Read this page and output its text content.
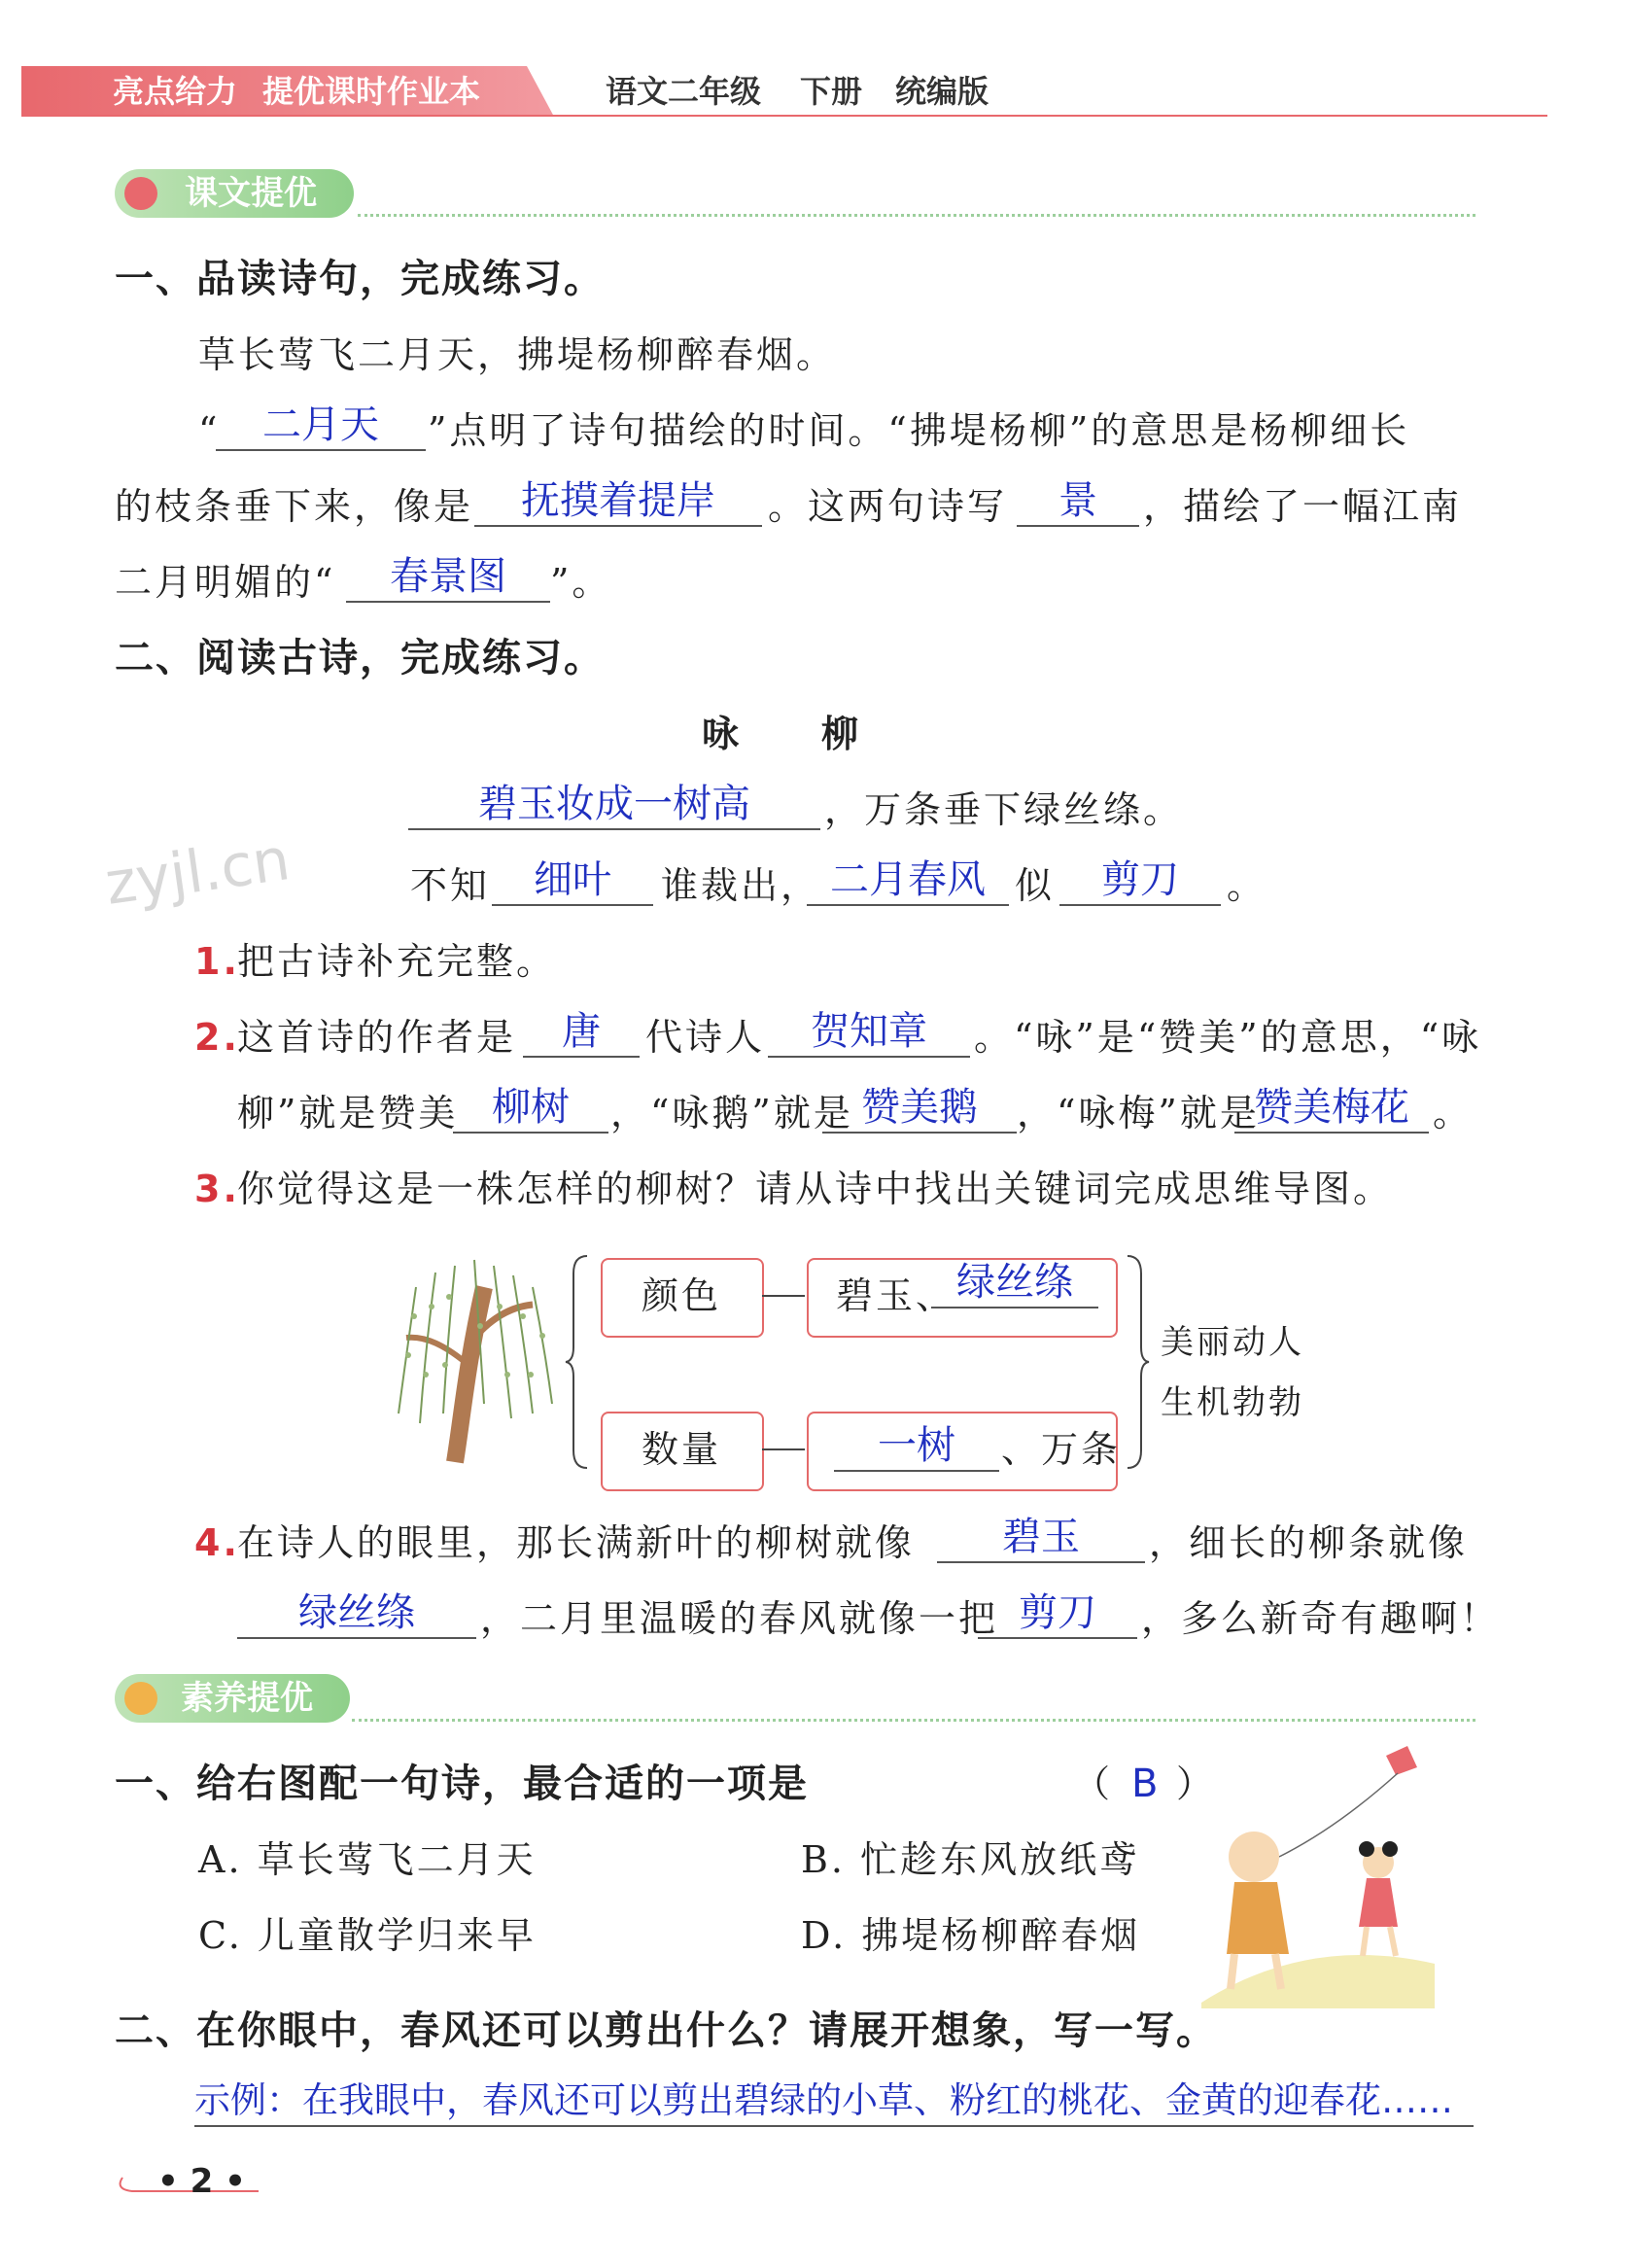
亮点给力 提优课时作业本	语文二年级 下册 统编版
课文提优
一、品读诗句，完成练习。
草长莺飞二月天，拂堤杨柳醉春烟。
“	二月天	”点明了诗句描绘的时间。“拂堤杨柳”的意思是杨柳细长
的枝条垂下来，像是	抚摸着提岸	。这两句诗写	景	，描绘了一幅江南
二月明媚的“	春景图	”。
二、阅读古诗，完成练习。
咏　　柳
碧玉妆成一树高	，万条垂下绿丝绦。
zyjl.cn	不知	细叶	谁裁出， 二月春风 似	剪刀	。
1.
把古诗补充完整。
2.
这首诗的作者是	唐	代诗人	贺知章	。“咏”是“赞美”的意思，“咏
柳”就是赞美 柳树	，“咏鹅”就是 赞美鹅	，“咏梅”就是
赞美梅花 。
3.
你觉得这是一株怎样的柳树？请从诗中找出关键词完成思维导图。
颜色	碧玉、 绿丝绦
数量	一树	、万条
美丽动人
生机勃勃
4.
在诗人的眼里，那长满新叶的柳树就像	碧玉	，细长的柳条就像
绿丝绦	，二月里温暖的春风就像一把 剪刀	，多么新奇有趣啊！
素养提优
一、给右图配一句诗，最合适的一项是	（ B ）
A. 草长莺飞二月天	B. 忙趁东风放纸鸢
C. 儿童散学归来早	D. 拂堤杨柳醉春烟
二、在你眼中，春风还可以剪出什么？请展开想象，写一写。
示例：在我眼中，春风还可以剪出碧绿的小草、粉红的桃花、金黄的迎春花……
• 2 •
